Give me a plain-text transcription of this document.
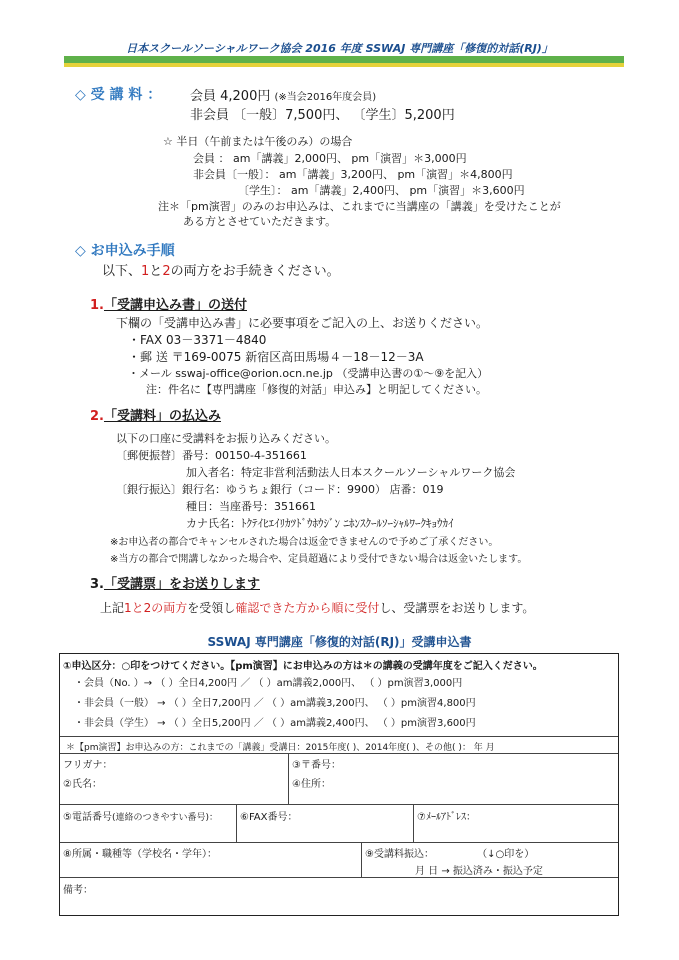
日本スクールソーシャルワーク協会 2016 年度 SSWAJ 専門講座「修復的対話(RJ)」
◇ 受 講 料 ： 会員 4,200円 (※当会2016年度会員)
非会員 〔一般〕7,500円、 〔学生〕5,200円
☆ 半日（午前または午後のみ）の場合
会員 ： am「講義」2,000円、 pm「演習」＊3,000円
非会員〔一般〕： am「講義」3,200円、 pm「演習」＊4,800円
〔学生〕： am「講義」2,400円、 pm「演習」＊3,600円
注＊「pm演習」のみのお申込みは、これまでに当講座の「講義」を受けたことが
ある方とさせていただきます。
◇ お申込み手順
以下、1と2の両方をお手続きください。
1.「受講申込み書」の送付
下欄の「受講申込み書」に必要事項をご記入の上、お送りください。
・FAX 03－3371－4840
・郵 送 〒169-0075 新宿区高田馬場４－18－12－3A
・メール sswaj-office@orion.ocn.ne.jp （受講申込書の①～⑨を記入）
注：件名に【専門講座「修復的対話」申込み】と明記してください。
2.「受講料」の払込み
以下の口座に受講料をお振り込みください。
〔郵便振替〕番号：00150-4-351661
加入者名：特定非営利活動法人日本スクールソーシャルワーク協会
〔銀行振込〕銀行名：ゆうちょ銀行（コード：9900） 店番：019
種目：当座番号：351661
カナ氏名：ﾄｸﾃｲﾋｴｲﾘｶﾂﾄﾞｳﾎｳｼﾞﾝ ﾆﾎﾝｽｸｰﾙｿｰｼｬﾙﾜｰｸｷｮｳｶｲ
※お申込者の都合でキャンセルされた場合は返金できませんので予めご了承ください。
※当方の都合で開講しなかった場合や、定員超過により受付できない場合は返金いたします。
3.「受講票」をお送りします
上記1と2の両方を受領し確認できた方から順に受付し、受講票をお送りします。
SSWAJ 専門講座「修復的対話(RJ)」受講申込書
①申込区分：○印をつけてください。【pm演習】にお申込みの方は＊の講義の受講年度をご記入ください。
・会員（No. ）→ （ ）全日4,200円 ／ （ ）am講義2,000円、 （ ）pm演習3,000円
・非会員（一般） → （ ）全日7,200円 ／ （ ）am講義3,200円、 （ ）pm演習4,800円
・非会員（学生） → （ ）全日5,200円 ／ （ ）am講義2,400円、 （ ）pm演習3,600円
＊【pm演習】お申込みの方：これまでの「講義」受講日：2015年度( )、2014年度( )、その他( )： 年 月
フリガナ：
②氏名：
③〒番号：
④住所：
⑤電話番号(連絡のつきやすい番号)： ⑥FAX番号：	⑦ﾒｰﾙｱﾄﾞﾚｽ：
⑧所属・職種等（学校名・学年）：	⑨受講料振込：	（↓○印を）
月 日 → 振込済み・振込予定
備考：
